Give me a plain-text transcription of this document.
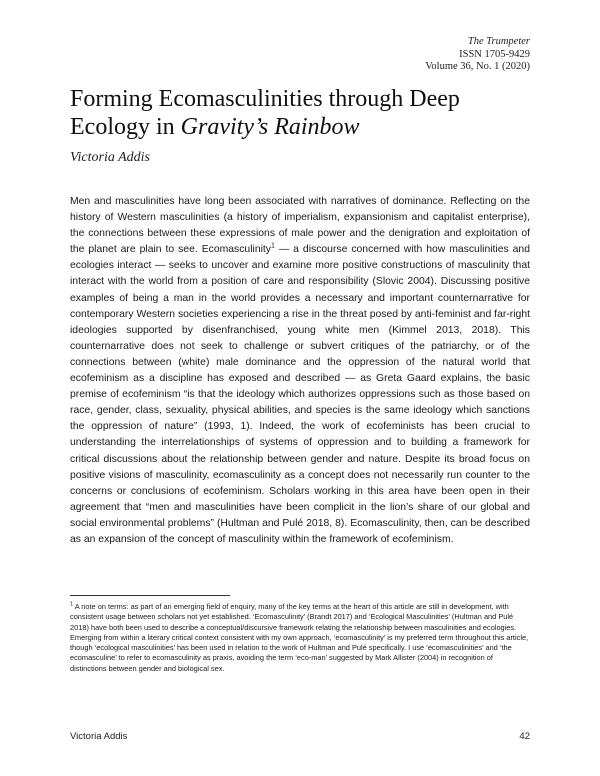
The Trumpeter
ISSN 1705-9429
Volume 36, No. 1 (2020)
Forming Ecomasculinities through Deep Ecology in Gravity’s Rainbow

Victoria Addis

Men and masculinities have long been associated with narratives of dominance. Reflecting on the history of Western masculinities (a history of imperialism, expansionism and capitalist enterprise), the connections between these expressions of male power and the denigration and exploitation of the planet are plain to see. Ecomasculinity$^1$ — a discourse concerned with how masculinities and ecologies interact — seeks to uncover and examine more positive constructions of masculinity that interact with the world from a position of care and responsibility (Slovic 2004). Discussing positive examples of being a man in the world provides a necessary and important counternarrative for contemporary Western societies experiencing a rise in the threat posed by anti-feminist and far-right ideologies supported by disenfranchised, young white men (Kimmel 2013, 2018). This counternarrative does not seek to challenge or subvert critiques of the patriarchy, or of the connections between (white) male dominance and the oppression of the natural world that ecofeminism as a discipline has exposed and described — as Greta Gaard explains, the basic premise of ecofeminism “is that the ideology which authorizes oppressions such as those based on race, gender, class, sexuality, physical abilities, and species is the same ideology which sanctions the oppression of nature” (1993, 1). Indeed, the work of ecofeminists has been crucial to understanding the interrelationships of systems of oppression and to building a framework for critical discussions about the relationship between gender and nature. Despite its broad focus on positive visions of masculinity, ecomasculinity as a concept does not necessarily run counter to the concerns or conclusions of ecofeminism. Scholars working in this area have been open in their agreement that “men and masculinities have been complicit in the lion’s share of our global and social environmental problems” (Hultman and Pulé 2018, 8). Ecomasculinity, then, can be described as an expansion of the concept of masculinity within the framework of ecofeminism.

$^1$ A note on terms: as part of an emerging field of enquiry, many of the key terms at the heart of this article are still in development, with consistent usage between scholars not yet established. ‘Ecomasculinity’ (Brandt 2017) and ‘Ecological Masculinities’ (Hultman and Pulé 2018) have both been used to describe a conceptual/discursive framework relating the relationship between masculinities and ecologies. Emerging from within a literary critical context consistent with my own approach, ‘ecomasculinity’ is my preferred term throughout this article, though ‘ecological masculinities’ has been used in relation to the work of Hultman and Pulé specifically. I use ‘ecomasculinities’ and ‘the ecomasculine’ to refer to ecomasculinity as praxis, avoiding the term ‘eco-man’ suggested by Mark Allister (2004) in recognition of distinctions between gender and biological sex.

Victoria Addis	42
